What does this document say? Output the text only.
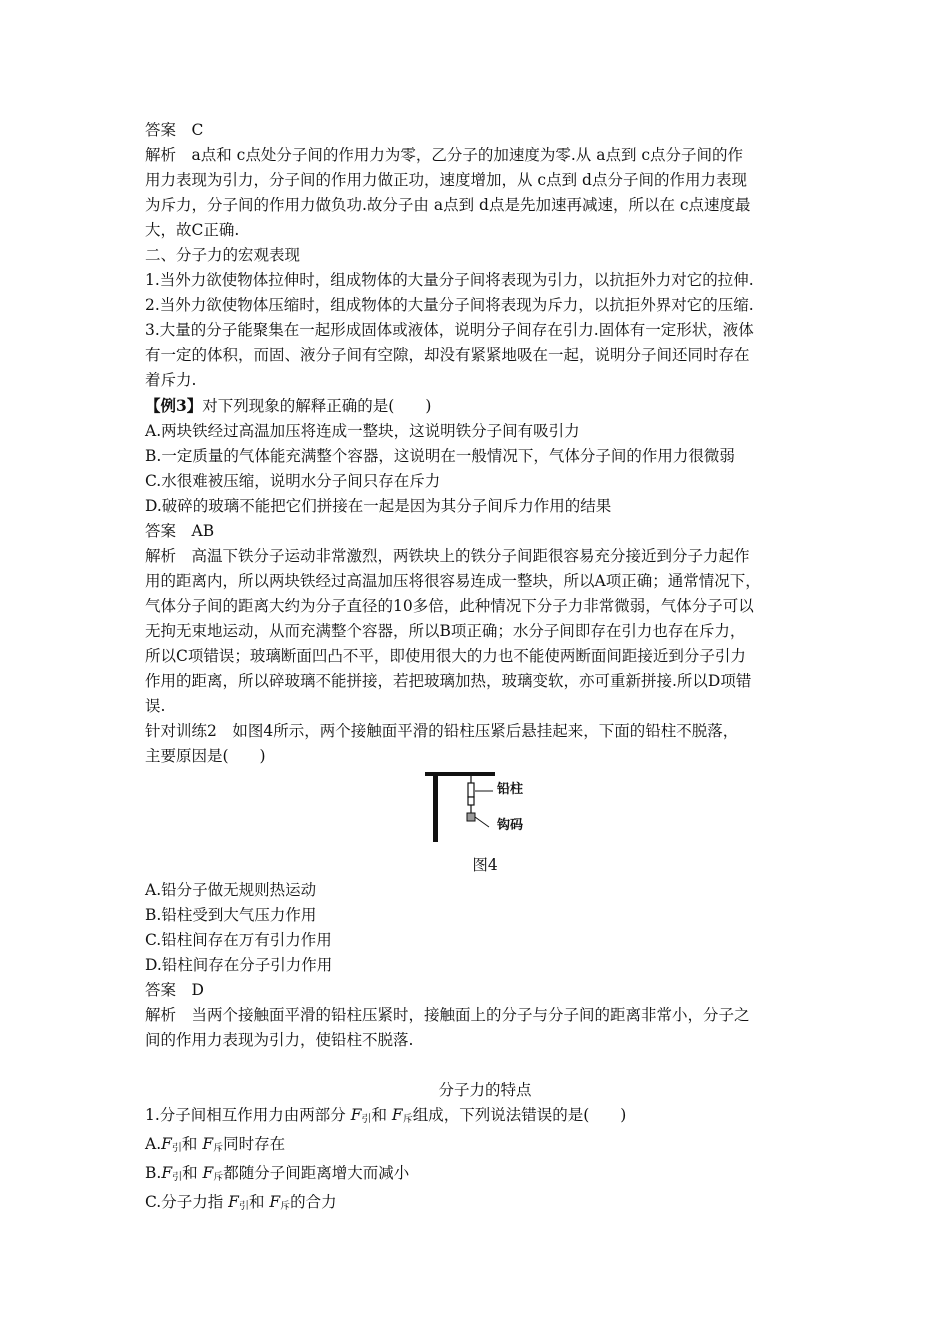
答案　C

解析　a点和 c点处分子间的作用力为零，乙分子的加速度为零.从 a点到 c点分子间的作

用力表现为引力，分子间的作用力做正功，速度增加，从 c点到 d点分子间的作用力表现

为斥力，分子间的作用力做负功.故分子由 a点到 d点是先加速再减速，所以在 c点速度最

大，故C正确.

二、分子力的宏观表现

1.当外力欲使物体拉伸时，组成物体的大量分子间将表现为引力，以抗拒外力对它的拉伸.

2.当外力欲使物体压缩时，组成物体的大量分子间将表现为斥力，以抗拒外界对它的压缩.

3.大量的分子能聚集在一起形成固体或液体，说明分子间存在引力.固体有一定形状，液体

有一定的体积，而固、液分子间有空隙，却没有紧紧地吸在一起，说明分子间还同时存在

着斥力.

【例3】对下列现象的解释正确的是(　　)

A.两块铁经过高温加压将连成一整块，这说明铁分子间有吸引力

B.一定质量的气体能充满整个容器，这说明在一般情况下，气体分子间的作用力很微弱

C.水很难被压缩，说明水分子间只存在斥力

D.破碎的玻璃不能把它们拼接在一起是因为其分子间斥力作用的结果

答案　AB

解析　高温下铁分子运动非常激烈，两铁块上的铁分子间距很容易充分接近到分子力起作

用的距离内，所以两块铁经过高温加压将很容易连成一整块，所以A项正确；通常情况下，

气体分子间的距离大约为分子直径的10多倍，此种情况下分子力非常微弱，气体分子可以

无拘无束地运动，从而充满整个容器，所以B项正确；水分子间即存在引力也存在斥力，

所以C项错误；玻璃断面凹凸不平，即使用很大的力也不能使两断面间距接近到分子引力

作用的距离，所以碎玻璃不能拼接，若把玻璃加热，玻璃变软，亦可重新拼接.所以D项错

误.

针对训练2　如图4所示，两个接触面平滑的铅柱压紧后悬挂起来，下面的铅柱不脱落，

主要原因是(　　)

铅柱
钩码

图4

A.铅分子做无规则热运动

B.铅柱受到大气压力作用

C.铅柱间存在万有引力作用

D.铅柱间存在分子引力作用

答案　D

解析　当两个接触面平滑的铅柱压紧时，接触面上的分子与分子间的距离非常小，分子之

间的作用力表现为引力，使铅柱不脱落.

分子力的特点

1.分子间相互作用力由两部分 $F_引$和 $F_斥$组成，下列说法错误的是(　　)

$A.F_引$和 $F_斥$同时存在

$B.F_引$和 $F_斥$都随分子间距离增大而减小

C.分子力指 $F_引$和 $F_斥$的合力
